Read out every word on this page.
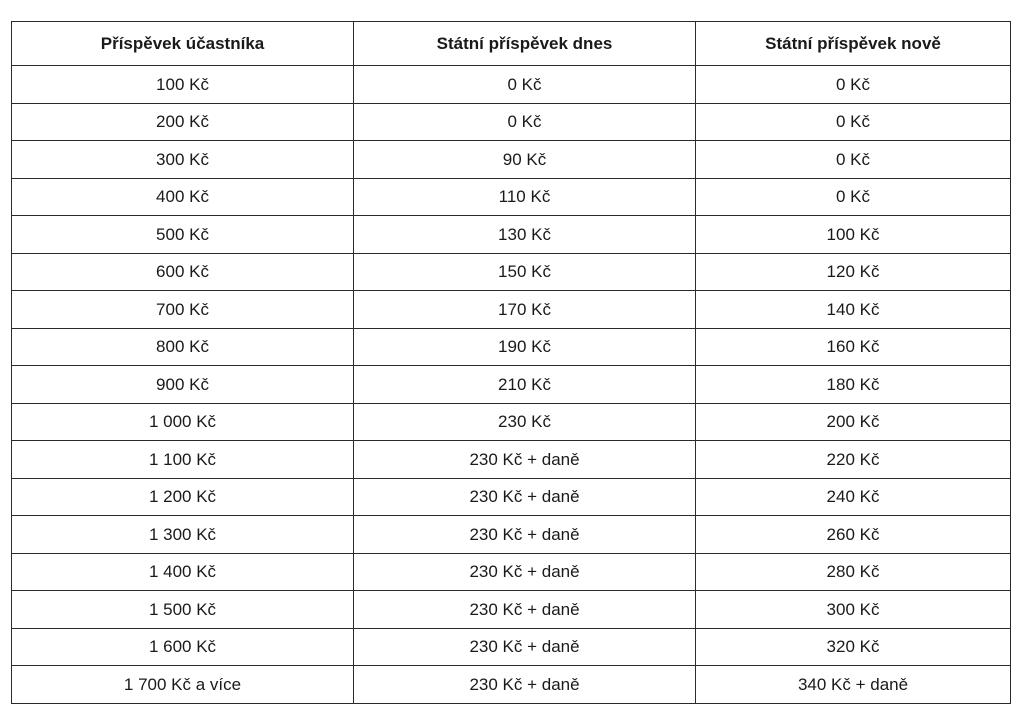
Příspěvek účastníka	Státní příspěvek dnes	Státní příspěvek nově
100 Kč	0 Kč	0 Kč
200 Kč	0 Kč	0 Kč
300 Kč	90 Kč	0 Kč
400 Kč	110 Kč	0 Kč
500 Kč	130 Kč	100 Kč
600 Kč	150 Kč	120 Kč
700 Kč	170 Kč	140 Kč
800 Kč	190 Kč	160 Kč
900 Kč	210 Kč	180 Kč
1 000 Kč	230 Kč	200 Kč
1 100 Kč	230 Kč + daně	220 Kč
1 200 Kč	230 Kč + daně	240 Kč
1 300 Kč	230 Kč + daně	260 Kč
1 400 Kč	230 Kč + daně	280 Kč
1 500 Kč	230 Kč + daně	300 Kč
1 600 Kč	230 Kč + daně	320 Kč
1 700 Kč a více	230 Kč + daně	340 Kč + daně
